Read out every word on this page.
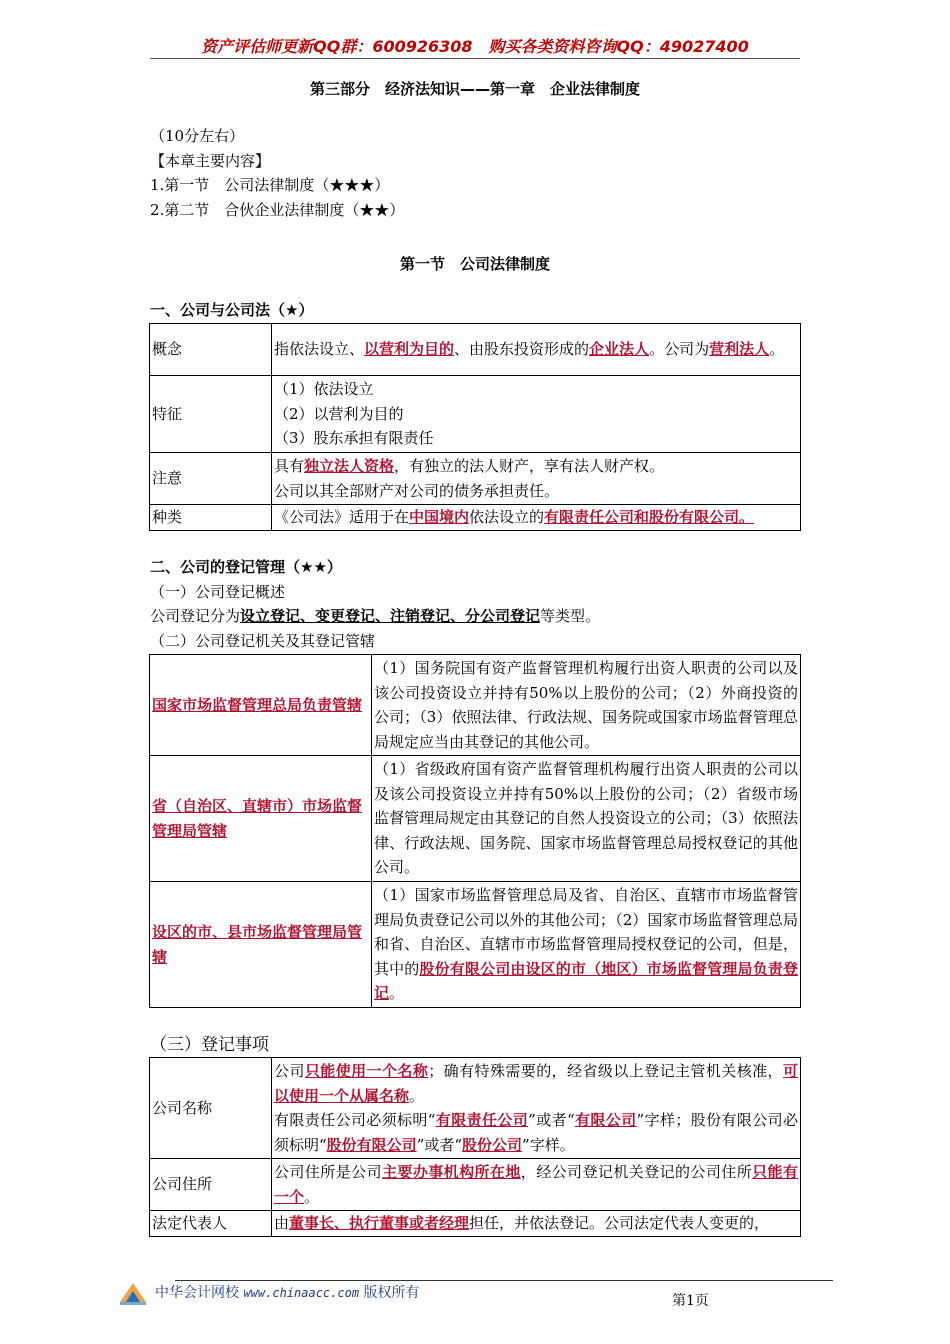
资产评估师更新QQ群：600926308　购买各类资料咨询QQ：49027400
第三部分　经济法知识——第一章　企业法律制度
（10分左右）
【本章主要内容】
1.第一节　公司法律制度（★★★）
2.第二节　合伙企业法律制度（★★）
第一节　公司法律制度
一、公司与公司法（★）
概念	指依法设立、以营利为目的、由股东投资形成的企业法人。公司为营利法人。
特征	（1）依法设立
（2）以营利为目的
（3）股东承担有限责任

注意	具有独立法人资格，有独立的法人财产，享有法人财产权。
公司以其全部财产对公司的债务承担责任。

种类	《公司法》适用于在中国境内依法设立的有限责任公司和股份有限公司。
二、公司的登记管理（★★）
（一）公司登记概述
公司登记分为设立登记、变更登记、注销登记、分公司登记等类型。
（二）公司登记机关及其登记管辖
国家市场监督管理总局负责管辖	（1）国务院国有资产监督管理机构履行出资人职责的公司以及该公司投资设立并持有50%以上股份的公司；（2）外商投资的公司；（3）依照法律、行政法规、国务院或国家市场监督管理总局规定应当由其登记的其他公司。
省（自治区、直辖市）市场监督管理局管辖	（1）省级政府国有资产监督管理机构履行出资人职责的公司以及该公司投资设立并持有50%以上股份的公司；（2）省级市场监督管理局规定由其登记的自然人投资设立的公司；（3）依照法律、行政法规、国务院、国家市场监督管理总局授权登记的其他公司。
设区的市、县市场监督管理局管辖	（1）国家市场监督管理总局及省、自治区、直辖市市场监督管理局负责登记公司以外的其他公司；（2）国家市场监督管理总局和省、自治区、直辖市市场监督管理局授权登记的公司，但是，其中的股份有限公司由设区的市（地区）市场监督管理局负责登记。
（三）登记事项
公司名称	公司只能使用一个名称；确有特殊需要的，经省级以上登记主管机关核准，可以使用一个从属名称。
有限责任公司必须标明“有限责任公司”或者“有限公司”字样；股份有限公司必须标明“股份有限公司”或者“股份公司”字样。

公司住所	公司住所是公司主要办事机构所在地，经公司登记机关登记的公司住所只能有一个。
法定代表人	由董事长、执行董事或者经理担任，并依法登记。公司法定代表人变更的，
中华会计网校 www.chinaacc.com 版权所有	第1页
